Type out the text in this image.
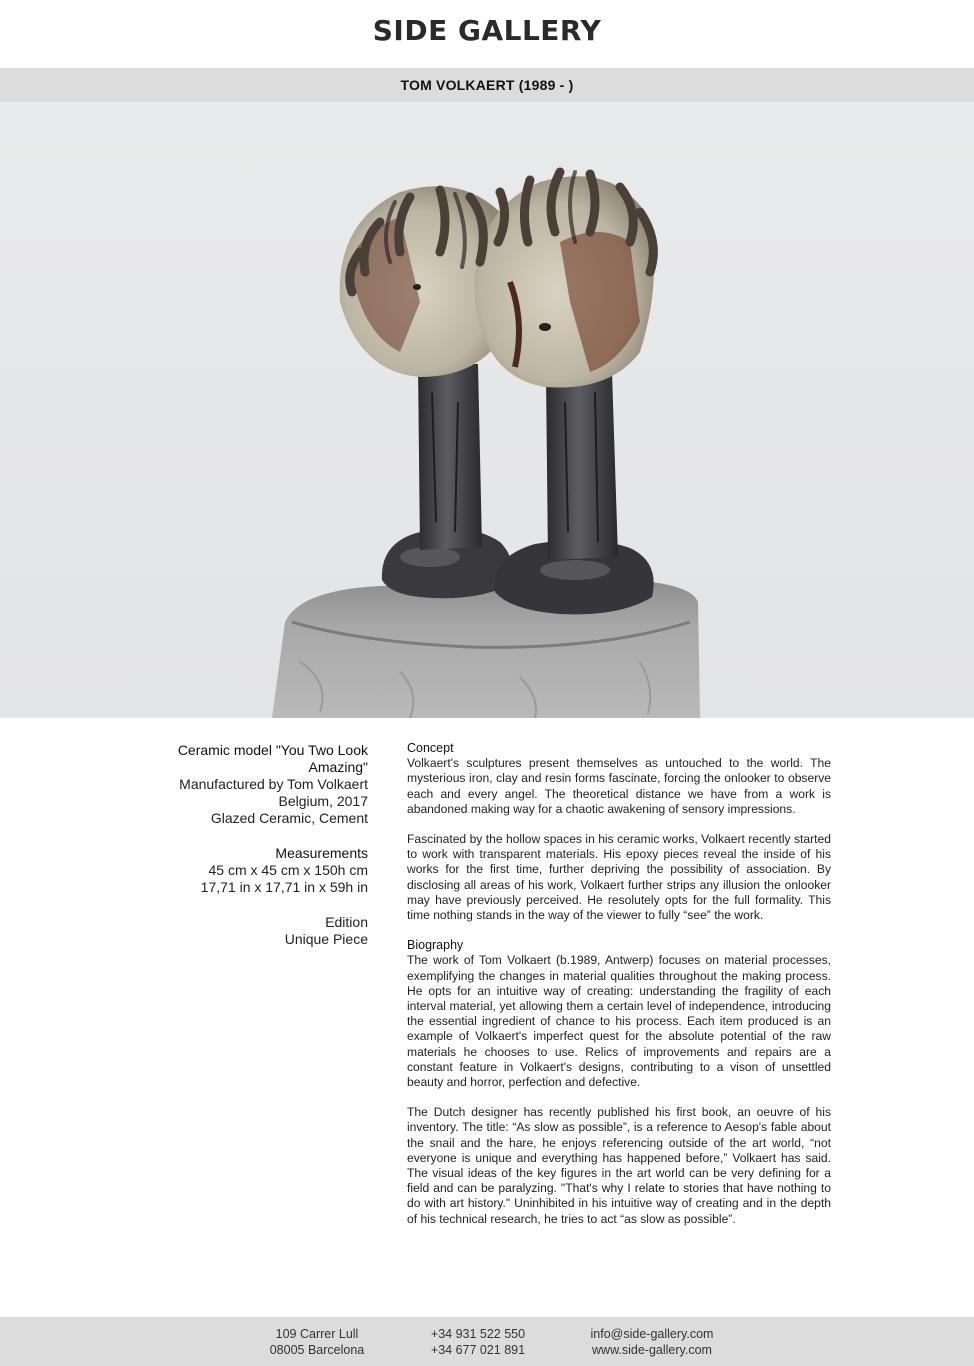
SIDE GALLERY
TOM VOLKAERT (1989 - )
Ceramic model "You Two Look
Amazing"
Manufactured by Tom Volkaert
Belgium, 2017
Glazed Ceramic, Cement
Measurements
45 cm x 45 cm x 150h cm
17,71 in x 17,71 in x 59h in
Edition
Unique Piece
Concept

Volkaert's sculptures present themselves as untouched to the world. The mysterious iron, clay and resin forms fascinate, forcing the onlooker to observe each and every angel. The theoretical distance we have from a work is abandoned making way for a chaotic awakening of sensory impressions.

Fascinated by the hollow spaces in his ceramic works, Volkaert recently started to work with transparent materials. His epoxy pieces reveal the inside of his works for the first time, further depriving the possibility of association. By disclosing all areas of his work, Volkaert further strips any illusion the onlooker may have previously perceived. He resolutely opts for the full formality. This time nothing stands in the way of the viewer to fully “see” the work.

Biography

The work of Tom Volkaert (b.1989, Antwerp) focuses on material processes, exemplifying the changes in material qualities throughout the making process. He opts for an intuitive way of creating: understanding the fragility of each interval material, yet allowing them a certain level of independence, introducing the essential ingredient of chance to his process. Each item produced is an example of Volkaert's imperfect quest for the absolute potential of the raw materials he chooses to use. Relics of improvements and repairs are a constant feature in Volkaert's designs, contributing to a vison of unsettled beauty and horror, perfection and defective.

The Dutch designer has recently published his first book, an oeuvre of his inventory. The title: “As slow as possible”, is a reference to Aesop's fable about the snail and the hare, he enjoys referencing outside of the art world, “not everyone is unique and everything has happened before,” Volkaert has said. The visual ideas of the key figures in the art world can be very defining for a field and can be paralyzing. "That's why I relate to stories that have nothing to do with art history." Uninhibited in his intuitive way of creating and in the depth of his technical research, he tries to act “as slow as possible”.

109 Carrer Lull
08005 Barcelona
+34 931 522 550
+34 677 021 891
info@side-gallery.com
www.side-gallery.com
